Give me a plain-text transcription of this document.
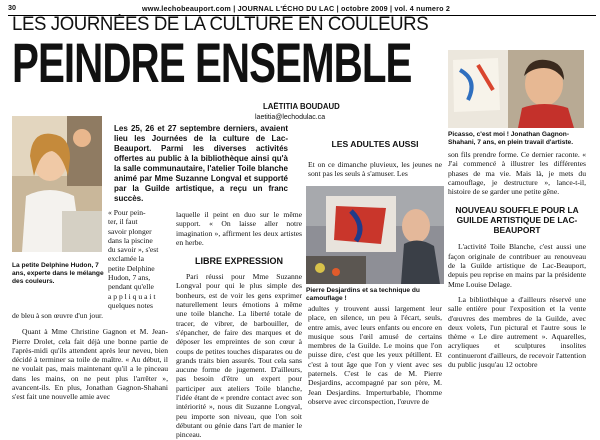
30	www.lechobeauport.com | JOURNAL L'ÉCHO DU LAC | octobre 2009 | vol. 4 numero 2
LES JOURNÉES DE LA CULTURE EN COULEURS
PEINDRE ENSEMBLE
LAËTITIA BOUDAUD
laetitia@lechodulac.ca
La petite Delphine Hudon, 7 ans, experte dans le mélange des couleurs.

« Pour pein-

ter, il faut

savoir plonger

dans la piscine

du savoir », s'est

exclamée la

petite Delphine

Hudon, 7 ans,

pendant qu'elle

a p p l i q u a i t

quelques notes

de bleu à son œuvre d'un jour.

Quant à Mme Christine Gagnon et M. Jean-Pierre Drolet, cela fait déjà une bonne partie de l'après-midi qu'ils attendent après leur neveu, bien décidé à terminer sa toile de maître. « Au début, il ne voulait pas, mais maintenant qu'il a le pinceau dans les mains, on ne peut plus l'arrêter », avancent-ils. En plus, Jonathan Gagnon-Shahani s'est fait une nouvelle amie avec

Les 25, 26 et 27 septembre derniers, avaient lieu les Journées de la culture de Lac-Beauport. Parmi les diverses activités offertes au public à la bibliothèque ainsi qu'à la salle communautaire, l'atelier Toile blanche animé par Mme Suzanne Longval et supporté par la Guilde artistique, a reçu un franc succès.

laquelle il peint en duo sur le même support. « On laisse aller notre imagination », affirment les deux artistes en herbe.

LIBRE EXPRESSION

Pari réussi pour Mme Suzanne Longval pour qui le plus simple des bonheurs, est de voir les gens exprimer naturellement leurs émotions à même une toile blanche. La liberté totale de tracer, de vibrer, de barbouiller, de s'épancher, de faire des marques et de déposer les empreintes de son cœur à coups de petites touches disparates ou de grands traits bien assurés. Tout cela sans aucune forme de jugement. D'ailleurs, pas besoin d'être un expert pour participer aux ateliers Toile blanche, l'idée étant de « prendre contact avec son intériorité », nous dit Suzanne Longval, peu importe son niveau, que l'on soit débutant ou génie dans l'art de manier le pinceau.

LES ADULTES AUSSI
Et on ce dimanche pluvieux, les jeunes ne sont pas les seuls à s'amuser. Les
Pierre Desjardins et sa technique du camouflage !
adultes y trouvent aussi largement leur place, en silence, un peu à l'écart, seuls, entre amis, avec leurs enfants ou encore en musique sous l'œil amusé de certains membres de la Guilde. Le moins que l'on puisse dire, c'est que les yeux pétillent. Et c'est à tout âge que l'on y vient avec ses paternels. C'est le cas de M. Pierre Desjardins, accompagné par son père, M. Jean Desjardins. Imperturbable, l'homme observe avec circonspection, l'œuvre de
Picasso, c'est moi ! Jonathan Gagnon-Shahani, 7 ans, en plein travail d'artiste.

son fils prendre forme. Ce dernier raconte. « J'ai commencé à illustrer les différentes phases de ma vie. Mais là, je mets du camouflage, je destructure », lance-t-il, histoire de se garder une petite gêne.

NOUVEAU SOUFFLE POUR LA GUILDE ARTISTIQUE DE LAC-BEAUPORT

L'activité Toile Blanche, c'est aussi une façon originale de contribuer au renouveau de la Guilde artistique de Lac-Beauport, depuis peu reprise en mains par la présidente Mme Louise Delage.

La bibliothèque a d'ailleurs réservé une salle entière pour l'exposition et la vente d'œuvres des membres de la Guilde, avec deux volets, l'un pictural et l'autre sous le thème « Le dire autrement ». Aquarelles, acryliques et sculptures insolites continueront d'ailleurs, de recevoir l'attention du public jusqu'au 12 octobre
